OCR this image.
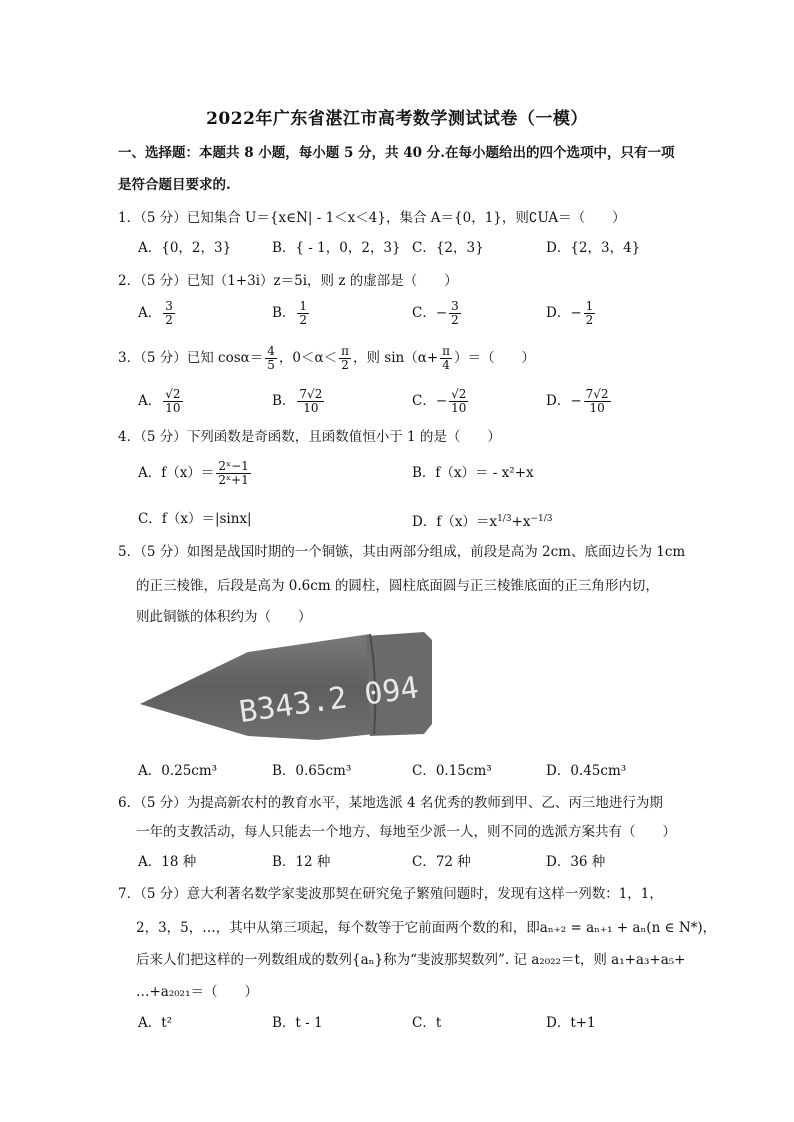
2022年广东省湛江市高考数学测试试卷（一模）
一、选择题：本题共 8 小题，每小题 5 分，共 40 分.在每小题给出的四个选项中，只有一项
是符合题目要求的.
1．（5 分）已知集合 U＝{x∈N| - 1＜x＜4}，集合 A＝{0，1}，则∁UA＝（　　）
A．{0，2，3}	B．{ - 1，0，2，3} C．{2，3}	D．{2，3，4}
2．（5 分）已知（1+3i）z＝5i，则 z 的虚部是（　　）
A． $\frac{3}{2}$	B． $\frac{1}{2}$	C．− $\frac{3}{2}$	D．− $\frac{1}{2}$
3．（5 分）已知 $\cos\alpha= \frac{4}{5}$ ，$0<\alpha< \frac{\pi}{2}$ ，则 $\sin(\alpha+ \frac{\pi}{4}$ ）＝（　　）
A． $\frac{√2}{10}$	B． $\frac{7√2}{10}$	C．− $\frac{√2}{10}$	D．− $\frac{7√2}{10}$
4．（5 分）下列函数是奇函数，且函数值恒小于 1 的是（　　）
A．$f(x)= \frac{\text{2ˣ−1}}{\text{2ˣ+1}}$	B．f（x）＝ - x²+x
C．f（x）＝|sinx|	D．$f(x)=x^{1/3}+x^{-1/3}$
5．（5 分）如图是战国时期的一个铜镞，其由两部分组成，前段是高为 2cm、底面边长为 1cm
的正三棱锥，后段是高为 0.6cm 的圆柱，圆柱底面圆与正三棱锥底面的正三角形内切，
则此铜镞的体积约为（　　）
B343.2 094
A．0.25cm³	B．0.65cm³	C．0.15cm³	D．0.45cm³
6．（5 分）为提高新农村的教育水平，某地选派 4 名优秀的教师到甲、乙、丙三地进行为期
一年的支教活动，每人只能去一个地方、每地至少派一人，则不同的选派方案共有（　　）
A．18 种	B．12 种	C．72 种	D．36 种
7．（5 分）意大利著名数学家斐波那契在研究兔子繁殖问题时，发现有这样一列数：1，1，
2，3，5，…，其中从第三项起，每个数等于它前面两个数的和，即aₙ₊₂ = aₙ₊₁ + aₙ(n ∈ N*)，
后来人们把这样的一列数组成的数列{aₙ}称为“斐波那契数列”. 记 a₂₀₂₂＝t，则 a₁+a₃+a₅+
…+a₂₀₂₁＝（　　）
A．t²	B．t - 1	C．t	D．t+1
